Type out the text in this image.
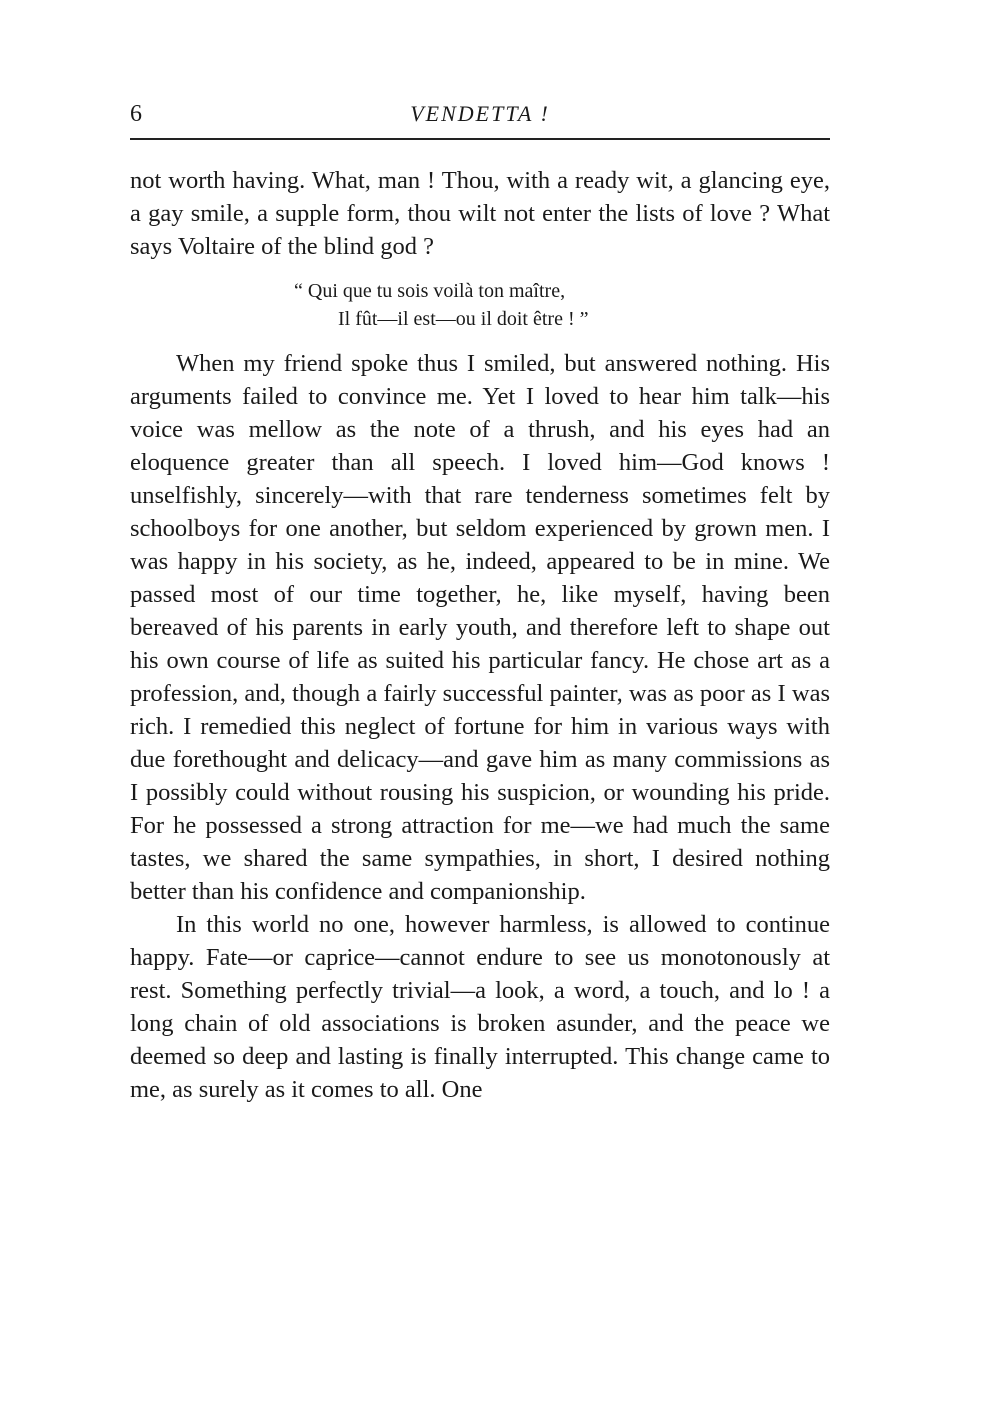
6	VENDETTA !

not worth having. What, man ! Thou, with a ready wit, a glancing eye, a gay smile, a supple form, thou wilt not enter the lists of love ? What says Voltaire of the blind god ?

“ Qui que tu sois voilà ton maître,
Il fût—il est—ou il doit être ! ”

When my friend spoke thus I smiled, but answered nothing. His arguments failed to convince me. Yet I loved to hear him talk—his voice was mellow as the note of a thrush, and his eyes had an eloquence greater than all speech. I loved him—God knows ! unselfishly, sincerely—with that rare tenderness sometimes felt by schoolboys for one another, but seldom experienced by grown men. I was happy in his society, as he, indeed, appeared to be in mine. We passed most of our time together, he, like myself, having been bereaved of his parents in early youth, and therefore left to shape out his own course of life as suited his particular fancy. He chose art as a profession, and, though a fairly successful painter, was as poor as I was rich. I remedied this neglect of fortune for him in various ways with due forethought and delicacy—and gave him as many commissions as I possibly could without rousing his suspicion, or wounding his pride. For he possessed a strong attraction for me—we had much the same tastes, we shared the same sympathies, in short, I desired nothing better than his confidence and companionship.

In this world no one, however harmless, is allowed to continue happy. Fate—or caprice—cannot endure to see us monotonously at rest. Something perfectly trivial—a look, a word, a touch, and lo ! a long chain of old associations is broken asunder, and the peace we deemed so deep and lasting is finally interrupted. This change came to me, as surely as it comes to all. One
